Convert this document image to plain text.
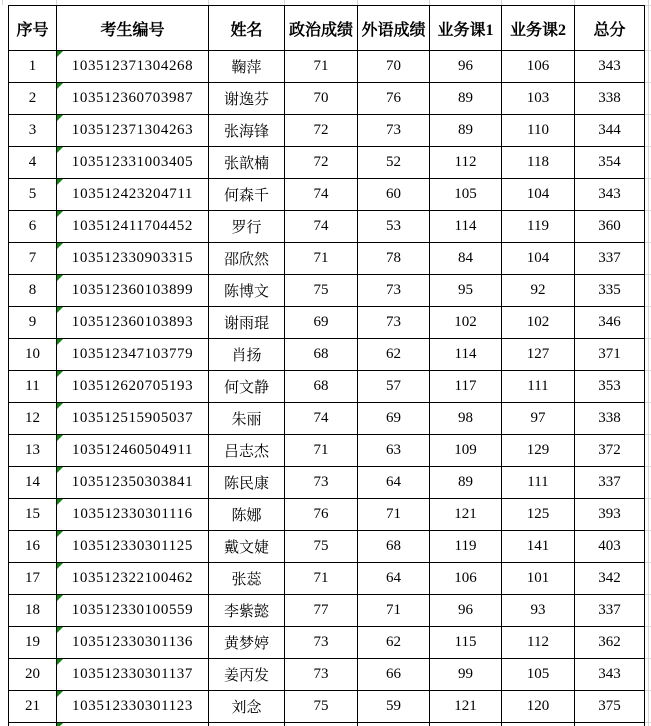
序号	考生编号	姓名	政治成绩	外语成绩	业务课1	业务课2	总分
1	103512371304268	鞠萍	71	70	96	106	343
2	103512360703987	谢逸芬	70	76	89	103	338
3	103512371304263	张海锋	72	73	89	110	344
4	103512331003405	张歆楠	72	52	112	118	354
5	103512423204711	何森千	74	60	105	104	343
6	103512411704452	罗行	74	53	114	119	360
7	103512330903315	邵欣然	71	78	84	104	337
8	103512360103899	陈博文	75	73	95	92	335
9	103512360103893	谢雨琨	69	73	102	102	346
10	103512347103779	肖扬	68	62	114	127	371
11	103512620705193	何文静	68	57	117	111	353
12	103512515905037	朱丽	74	69	98	97	338
13	103512460504911	吕志杰	71	63	109	129	372
14	103512350303841	陈民康	73	64	89	111	337
15	103512330301116	陈娜	76	71	121	125	393
16	103512330301125	戴文婕	75	68	119	141	403
17	103512322100462	张蕊	71	64	106	101	342
18	103512330100559	李紫懿	77	71	96	93	337
19	103512330301136	黄梦婷	73	62	115	112	362
20	103512330301137	姜丙发	73	66	99	105	343
21	103512330301123	刘念	75	59	121	120	375
